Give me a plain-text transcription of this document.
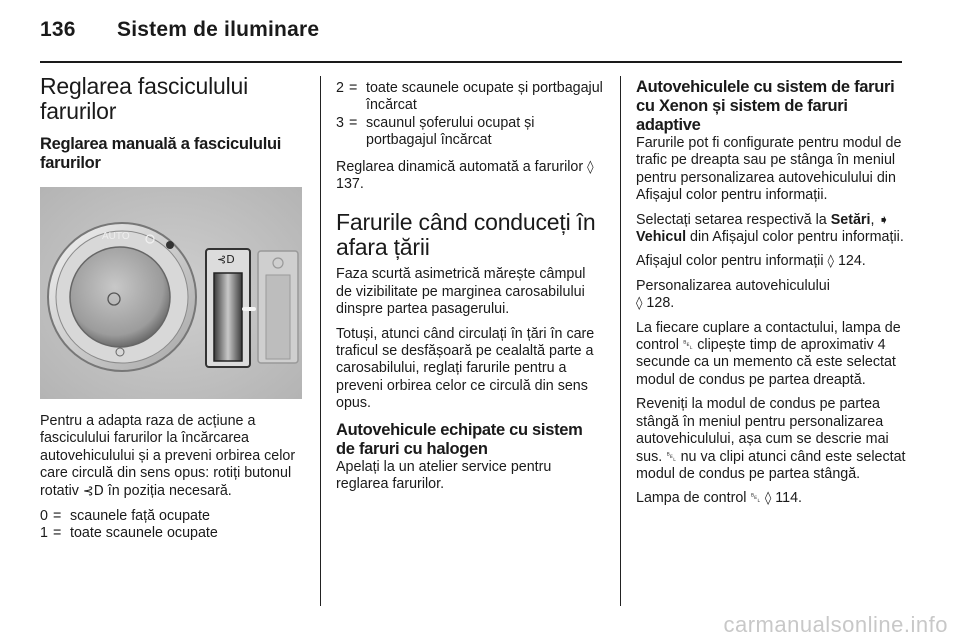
136 Sistem de iluminare
Reglarea fasciculului farurilor
Reglarea manuală a fasciculului farurilor
AUTO
⊰D

Pentru a adapta raza de acțiune a fasciculului farurilor la încărcarea autovehiculului și a preveni orbirea celor care circulă din sens opus: rotiți butonul rotativ ⊰D în poziția necesară.

0 = scaunele față ocupate
1 = toate scaunele ocupate
2 = toate scaunele ocupate și portbagajul încărcat
3 = scaunul șoferului ocupat și portbagajul încărcat

Reglarea dinamică automată a farurilor ◊ 137.

Farurile când conduceți în afara țării

Faza scurtă asimetrică mărește câmpul de vizibilitate pe marginea carosabilului dinspre partea pasagerului.

Totuși, atunci când circulați în țări în care traficul se desfășoară pe cealaltă parte a carosabilului, reglați farurile pentru a preveni orbirea celor ce circulă din sens opus.

Autovehicule echipate cu sistem de faruri cu halogen

Apelați la un atelier service pentru reglarea farurilor.

Autovehiculele cu sistem de faruri cu Xenon și sistem de faruri adaptive

Farurile pot fi configurate pentru modul de trafic pe dreapta sau pe stânga în meniul pentru personalizarea autovehiculului din Afișajul color pentru informații.

Selectați setarea respectivă la Setări, ➧ Vehicul din Afișajul color pentru informații.

Afișajul color pentru informații ◊ 124.

Personalizarea autovehiculului
◊ 128.

La fiecare cuplare a contactului, lampa de control ␇ clipește timp de aproximativ 4 secunde ca un memento că este selectat modul de condus pe partea dreaptă.

Reveniți la modul de condus pe partea stângă în meniul pentru personalizarea autovehiculului, așa cum se descrie mai sus. ␇ nu va clipi atunci când este selectat modul de condus pe partea stângă.

Lampa de control ␇ ◊ 114.

carmanualsonline.info
